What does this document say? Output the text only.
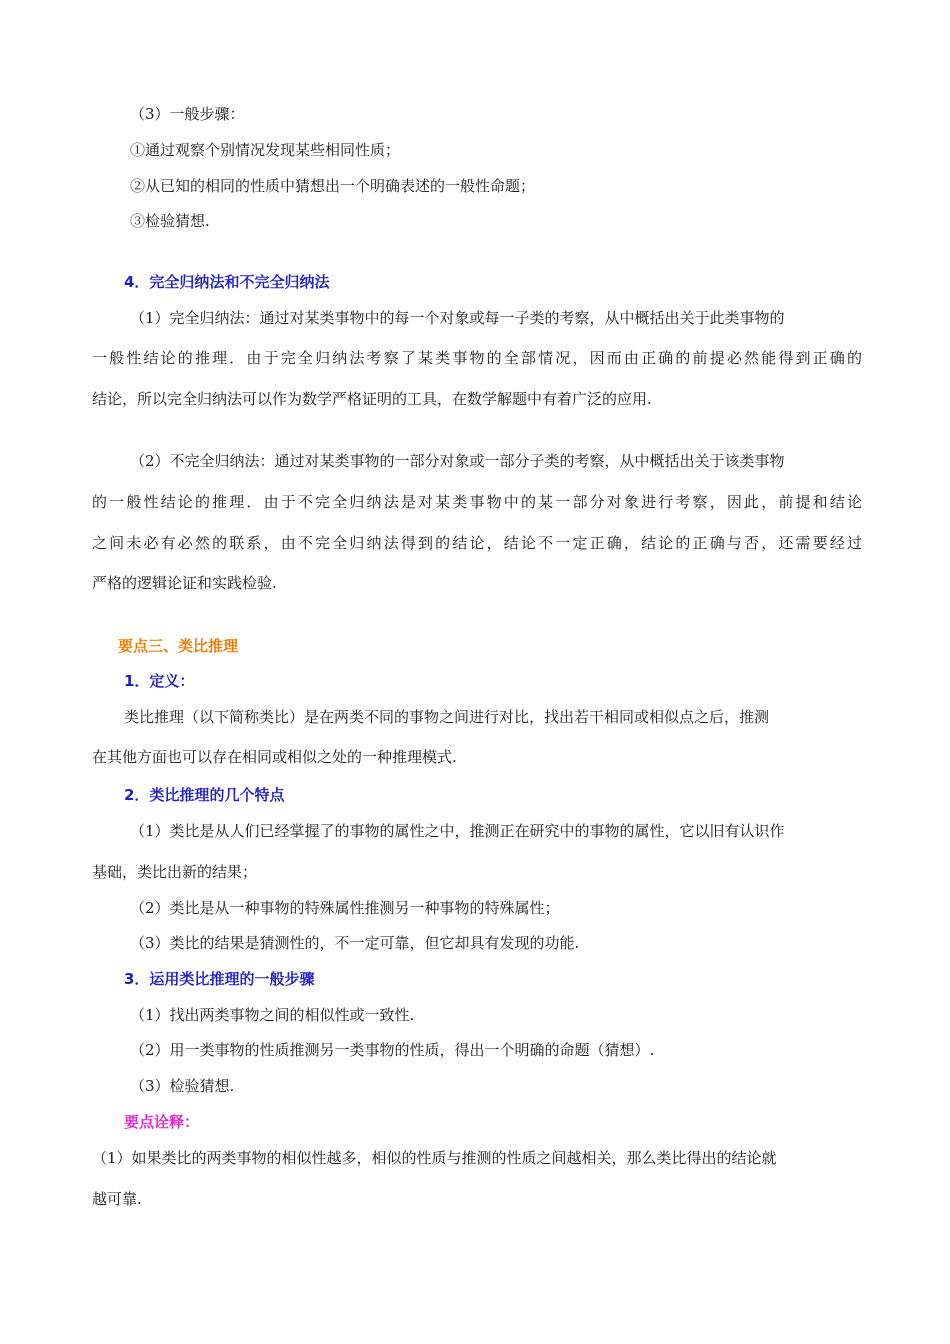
（3）一般步骤：
①通过观察个别情况发现某些相同性质；
②从已知的相同的性质中猜想出一个明确表述的一般性命题；
③检验猜想.
4．完全归纳法和不完全归纳法
（1）完全归纳法：通过对某类事物中的每一个对象或每一子类的考察，从中概括出关于此类事物的
一般性结论的推理．由于完全归纳法考察了某类事物的全部情况，因而由正确的前提必然能得到正确的
结论，所以完全归纳法可以作为数学严格证明的工具，在数学解题中有着广泛的应用.
（2）不完全归纳法：通过对某类事物的一部分对象或一部分子类的考察，从中概括出关于该类事物
的一般性结论的推理．由于不完全归纳法是对某类事物中的某一部分对象进行考察，因此，前提和结论
之间未必有必然的联系，由不完全归纳法得到的结论，结论不一定正确，结论的正确与否，还需要经过
严格的逻辑论证和实践检验.
要点三、类比推理
1．定义：
类比推理（以下简称类比）是在两类不同的事物之间进行对比，找出若干相同或相似点之后，推测
在其他方面也可以存在相同或相似之处的一种推理模式.
2．类比推理的几个特点
（1）类比是从人们已经掌握了的事物的属性之中，推测正在研究中的事物的属性，它以旧有认识作
基础，类比出新的结果；
（2）类比是从一种事物的特殊属性推测另一种事物的特殊属性；
（3）类比的结果是猜测性的，不一定可靠，但它却具有发现的功能.
3．运用类比推理的一般步骤
（1）找出两类事物之间的相似性或一致性.
（2）用一类事物的性质推测另一类事物的性质，得出一个明确的命题（猜想）.
（3）检验猜想.
要点诠释：
（1）如果类比的两类事物的相似性越多，相似的性质与推测的性质之间越相关，那么类比得出的结论就
越可靠.
